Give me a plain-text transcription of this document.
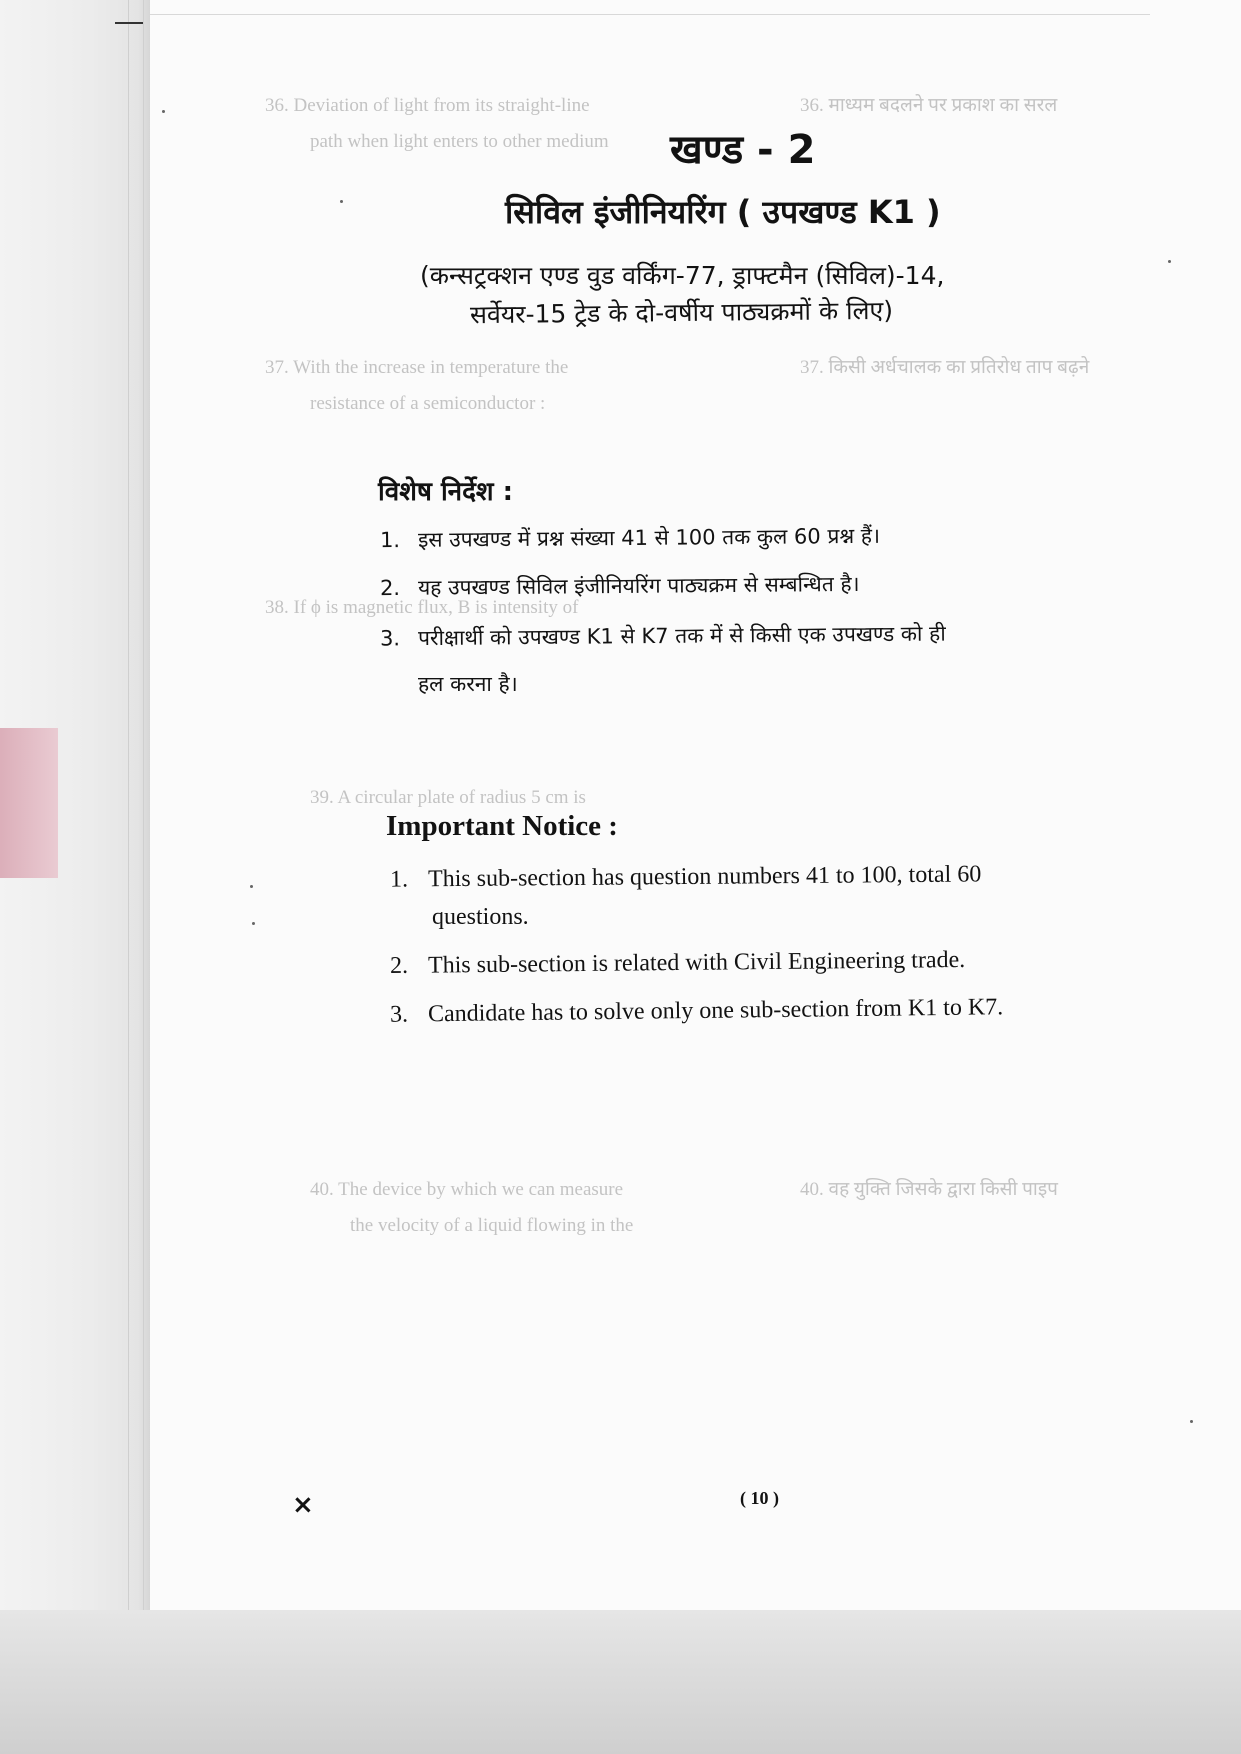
36. Deviation of light from its straight-line
path when light enters to other medium
37. With the increase in temperature the
resistance of a semiconductor :
38. If ϕ is magnetic flux, B is intensity of
39. A circular plate of radius 5 cm is
40. The device by which we can measure
the velocity of a liquid flowing in the
36. माध्यम बदलने पर प्रकाश का सरल
37. किसी अर्धचालक का प्रतिरोध ताप बढ़ने
40. वह युक्ति जिसके द्वारा किसी पाइप
खण्ड - 2
सिविल इंजीनियरिंग ( उपखण्ड K1 )
(कन्सट्रक्शन एण्ड वुड वर्किंग-77, ड्राफ्टमैन (सिविल)-14,
सर्वेयर-15 ट्रेड के दो-वर्षीय पाठ्यक्रमों के लिए)
विशेष निर्देश :
1. इस उपखण्ड में प्रश्न संख्या 41 से 100 तक कुल 60 प्रश्न हैं।
2. यह उपखण्ड सिविल इंजीनियरिंग पाठ्यक्रम से सम्बन्धित है।
3. परीक्षार्थी को उपखण्ड K1 से K7 तक में से किसी एक उपखण्ड को ही
हल करना है।
Important Notice :
1. This sub-section has question numbers 41 to 100, total 60
questions.
2. This sub-section is related with Civil Engineering trade.
3. Candidate has to solve only one sub-section from K1 to K7.
×	( 10 )
